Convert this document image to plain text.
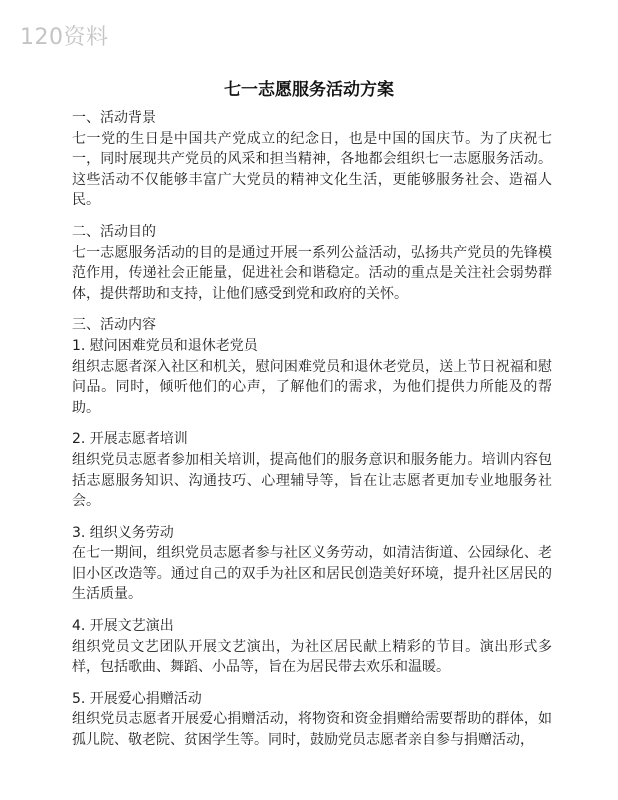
120资料
七一志愿服务活动方案

一、活动背景

七一党的生日是中国共产党成立的纪念日，也是中国的国庆节。为了庆祝七一，同时展现共产党员的风采和担当精神，各地都会组织七一志愿服务活动。这些活动不仅能够丰富广大党员的精神文化生活，更能够服务社会、造福人民。

二、活动目的

七一志愿服务活动的目的是通过开展一系列公益活动，弘扬共产党员的先锋模范作用，传递社会正能量，促进社会和谐稳定。活动的重点是关注社会弱势群体，提供帮助和支持，让他们感受到党和政府的关怀。

三、活动内容

1. 慰问困难党员和退休老党员

组织志愿者深入社区和机关，慰问困难党员和退休老党员，送上节日祝福和慰问品。同时，倾听他们的心声，了解他们的需求，为他们提供力所能及的帮助。

2. 开展志愿者培训

组织党员志愿者参加相关培训，提高他们的服务意识和服务能力。培训内容包括志愿服务知识、沟通技巧、心理辅导等，旨在让志愿者更加专业地服务社会。

3. 组织义务劳动

在七一期间，组织党员志愿者参与社区义务劳动，如清洁街道、公园绿化、老旧小区改造等。通过自己的双手为社区和居民创造美好环境，提升社区居民的生活质量。

4. 开展文艺演出

组织党员文艺团队开展文艺演出，为社区居民献上精彩的节目。演出形式多样，包括歌曲、舞蹈、小品等，旨在为居民带去欢乐和温暖。

5. 开展爱心捐赠活动

组织党员志愿者开展爱心捐赠活动，将物资和资金捐赠给需要帮助的群体，如孤儿院、敬老院、贫困学生等。同时，鼓励党员志愿者亲自参与捐赠活动，
